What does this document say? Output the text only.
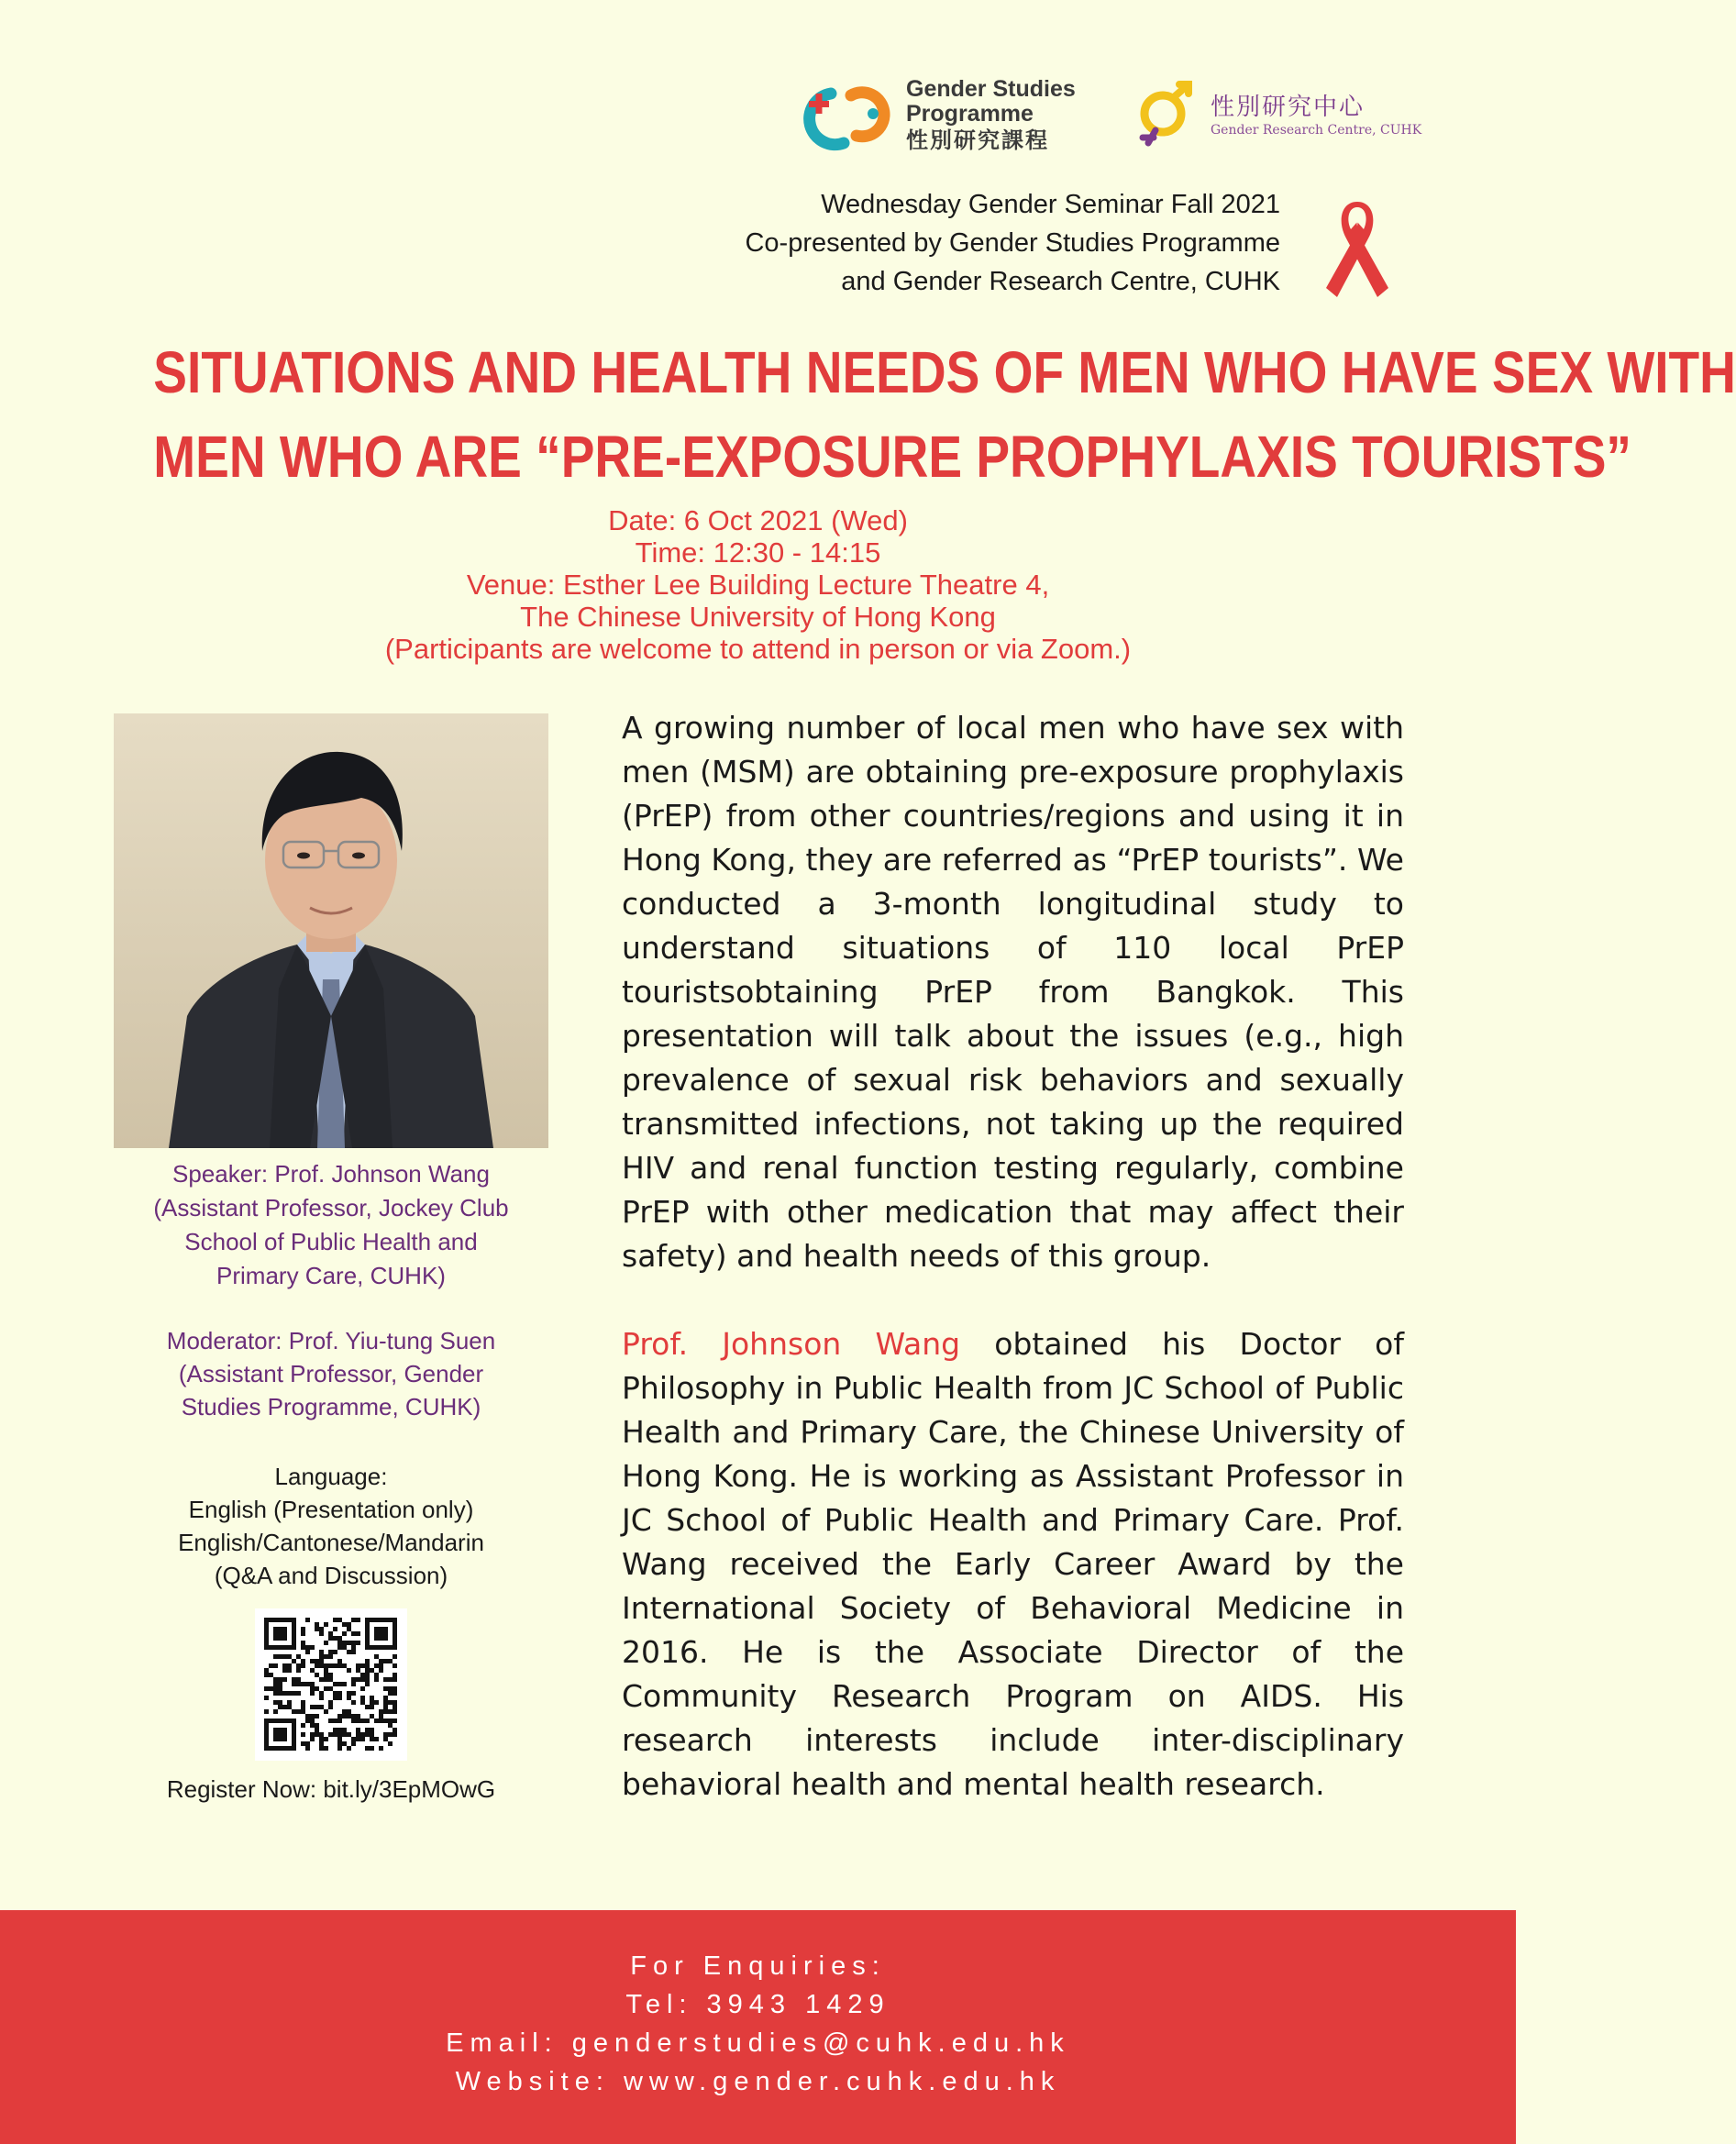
Gender Studies
Programme
性別研究課程
性別研究中心
Gender Research Centre, CUHK
Wednesday Gender Seminar Fall 2021
Co-presented by Gender Studies Programme
and Gender Research Centre, CUHK
SITUATIONS AND HEALTH NEEDS OF MEN WHO HAVE SEX WITH
MEN WHO ARE “PRE-EXPOSURE PROPHYLAXIS TOURISTS”
Date: 6 Oct 2021 (Wed)
Time: 12:30 - 14:15
Venue: Esther Lee Building Lecture Theatre 4,
The Chinese University of Hong Kong
(Participants are welcome to attend in person or via Zoom.)
Speaker: Prof. Johnson Wang
(Assistant Professor, Jockey Club
School of Public Health and
Primary Care, CUHK)
Moderator: Prof. Yiu-tung Suen
(Assistant Professor, Gender
Studies Programme, CUHK)
Language:
English (Presentation only)
English/Cantonese/Mandarin
(Q&A and Discussion)
Register Now: bit.ly/3EpMOwG
A growing number of local men who have sex with men (MSM) are obtaining pre-exposure prophylaxis (PrEP) from other countries/regions and using it in Hong Kong, they are referred as “PrEP tourists”. We conducted a 3-month longitudinal study to understand situations of 110 local PrEP touristsobtaining PrEP from Bangkok. This presentation will talk about the issues (e.g., high prevalence of sexual risk behaviors and sexually transmitted infections, not taking up the required HIV and renal function testing regularly, combine PrEP with other medication that may affect their safety) and health needs of this group.
Prof. Johnson Wang obtained his Doctor of Philosophy in Public Health from JC School of Public Health and Primary Care, the Chinese University of Hong Kong. He is working as Assistant Professor in JC School of Public Health and Primary Care. Prof. Wang received the Early Career Award by the International Society of Behavioral Medicine in 2016. He is the Associate Director of the Community Research Program on AIDS. His research interests include inter-disciplinary behavioral health and mental health research.
For Enquiries:
Tel: 3943 1429
Email: genderstudies@cuhk.edu.hk
Website: www.gender.cuhk.edu.hk
